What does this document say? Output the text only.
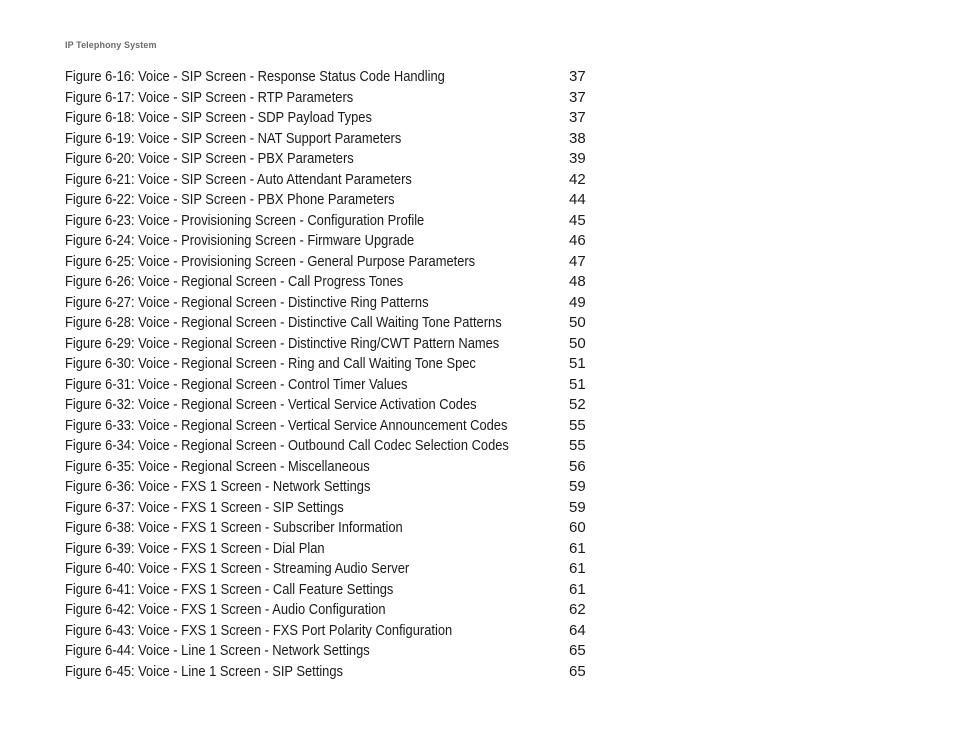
IP Telephony System
Figure 6-16: Voice - SIP Screen - Response Status Code Handling	37
Figure 6-17: Voice - SIP Screen - RTP Parameters	37
Figure 6-18: Voice - SIP Screen - SDP Payload Types	37
Figure 6-19: Voice - SIP Screen - NAT Support Parameters	38
Figure 6-20: Voice - SIP Screen - PBX Parameters	39
Figure 6-21: Voice - SIP Screen - Auto Attendant Parameters	42
Figure 6-22: Voice - SIP Screen - PBX Phone Parameters	44
Figure 6-23: Voice - Provisioning Screen - Configuration Profile	45
Figure 6-24: Voice - Provisioning Screen - Firmware Upgrade	46
Figure 6-25: Voice - Provisioning Screen - General Purpose Parameters	47
Figure 6-26: Voice - Regional Screen - Call Progress Tones	48
Figure 6-27: Voice - Regional Screen - Distinctive Ring Patterns	49
Figure 6-28: Voice - Regional Screen - Distinctive Call Waiting Tone Patterns	50
Figure 6-29: Voice - Regional Screen - Distinctive Ring/CWT Pattern Names	50
Figure 6-30: Voice - Regional Screen - Ring and Call Waiting Tone Spec	51
Figure 6-31: Voice - Regional Screen - Control Timer Values	51
Figure 6-32: Voice - Regional Screen - Vertical Service Activation Codes	52
Figure 6-33: Voice - Regional Screen - Vertical Service Announcement Codes	55
Figure 6-34: Voice - Regional Screen - Outbound Call Codec Selection Codes	55
Figure 6-35: Voice - Regional Screen - Miscellaneous	56
Figure 6-36: Voice - FXS 1 Screen - Network Settings	59
Figure 6-37: Voice - FXS 1 Screen - SIP Settings	59
Figure 6-38: Voice - FXS 1 Screen - Subscriber Information	60
Figure 6-39: Voice - FXS 1 Screen - Dial Plan	61
Figure 6-40: Voice - FXS 1 Screen - Streaming Audio Server	61
Figure 6-41: Voice - FXS 1 Screen - Call Feature Settings	61
Figure 6-42: Voice - FXS 1 Screen - Audio Configuration	62
Figure 6-43: Voice - FXS 1 Screen - FXS Port Polarity Configuration	64
Figure 6-44: Voice - Line 1 Screen - Network Settings	65
Figure 6-45: Voice - Line 1 Screen - SIP Settings	65
